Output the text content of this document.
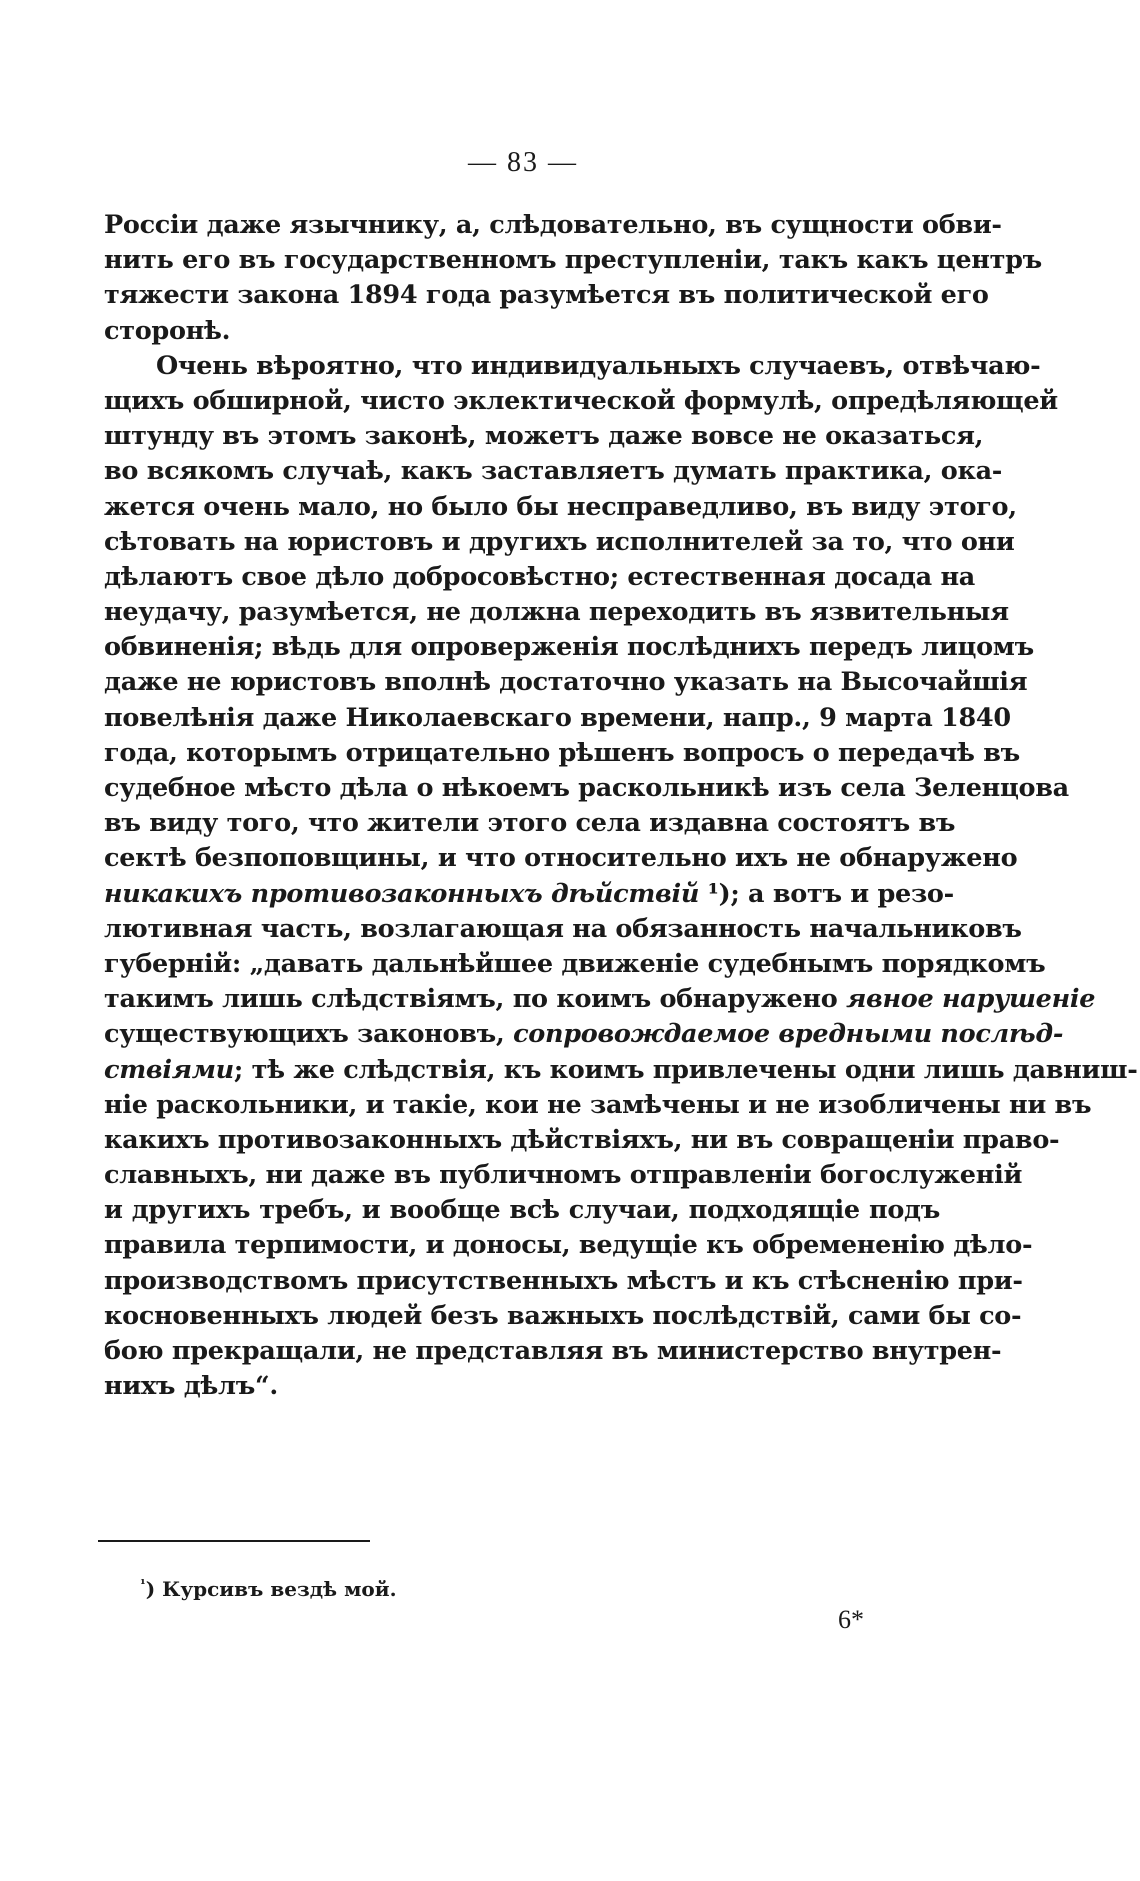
— 83 —
Россіи даже язычнику, а, слѣдовательно, въ сущности обви-
нить его въ государственномъ преступленіи, такъ какъ центръ
тяжести закона 1894 года разумѣется въ политической его
сторонѣ.
Очень вѣроятно, что индивидуальныхъ случаевъ, отвѣчаю-
щихъ обширной, чисто эклектической формулѣ, опредѣляющей
штунду въ этомъ законѣ, можетъ даже вовсе не оказаться,
во всякомъ случаѣ, какъ заставляетъ думать практика, ока-
жется очень мало, но было бы несправедливо, въ виду этого,
сѣтовать на юристовъ и другихъ исполнителей за то, что они
дѣлаютъ свое дѣло добросовѣстно; естественная досада на
неудачу, разумѣется, не должна переходить въ язвительныя
обвиненія; вѣдь для опроверженія послѣднихъ передъ лицомъ
даже не юристовъ вполнѣ достаточно указать на Высочайшія
повелѣнія даже Николаевскаго времени, напр., 9 марта 1840
года, которымъ отрицательно рѣшенъ вопросъ о передачѣ въ
судебное мѣсто дѣла о нѣкоемъ раскольникѣ изъ села Зеленцова
въ виду того, что жители этого села издавна состоятъ въ
сектѣ безпоповщины, и что относительно ихъ не обнаружено
никакихъ противозаконныхъ дѣйствій ¹); а вотъ и резо-
лютивная часть, возлагающая на обязанность начальниковъ
губерній: „давать дальнѣйшее движеніе судебнымъ порядкомъ
такимъ лишь слѣдствіямъ, по коимъ обнаружено явное нарушеніе
существующихъ законовъ, сопровождаемое вредными послѣд-
ствіями; тѣ же слѣдствія, къ коимъ привлечены одни лишь давниш-
ніе раскольники, и такіе, кои не замѣчены и не изобличены ни въ
какихъ противозаконныхъ дѣйствіяхъ, ни въ совращеніи право-
славныхъ, ни даже въ публичномъ отправленіи богослуженій
и другихъ требъ, и вообще всѣ случаи, подходящіе подъ
правила терпимости, и доносы, ведущіе къ обремененію дѣло-
производствомъ присутственныхъ мѣстъ и къ стѣсненію при-
косновенныхъ людей безъ важныхъ послѣдствій, сами бы со-
бою прекращали, не представляя въ министерство внутрен-
нихъ дѣлъ“.
$^{^1}$) Курсивъ вездѣ мой.
6*
